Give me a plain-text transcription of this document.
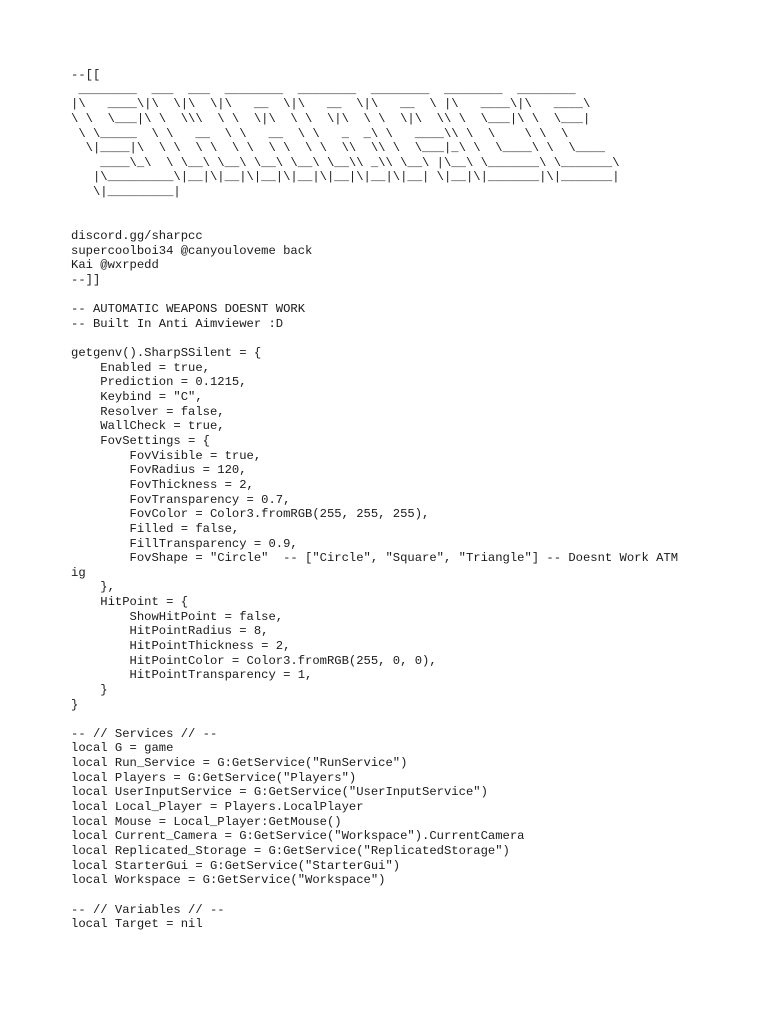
--[[
________  ___  ___  ________  ________  ________  ________  ________
|\   ____\|\  \|\  \|\   __  \|\   __  \|\   __  \ |\   ____\|\   ____\
\ \  \___|\ \  \\\  \ \  \|\  \ \  \|\  \ \  \|\  \\ \  \___|\ \  \___|
\ \_____  \ \   __  \ \   __  \ \   _  _\ \   ____\\ \  \    \ \  \
\|____|\  \ \  \ \  \ \  \ \  \ \  \\  \\ \  \___|_\ \  \____\ \  \____
____\_\  \ \__\ \__\ \__\ \__\ \__\\ _\\ \__\ |\__\ \_______\ \_______\
|\_________\|__|\|__|\|__|\|__|\|__|\|__|\|__| \|__|\|_______|\|_______|
\|_________|
discord.gg/sharpcc
supercoolboi34 @canyouloveme back
Kai @wxrpedd
--]]
-- AUTOMATIC WEAPONS DOESNT WORK
-- Built In Anti Aimviewer :D
getgenv().SharpSSilent = {
Enabled = true,
Prediction = 0.1215,
Keybind = "C",
Resolver = false,
WallCheck = true,
FovSettings = {
FovVisible = true,
FovRadius = 120,
FovThickness = 2,
FovTransparency = 0.7,
FovColor = Color3.fromRGB(255, 255, 255),
Filled = false,
FillTransparency = 0.9,
FovShape = "Circle"  -- ["Circle", "Square", "Triangle"] -- Doesnt Work ATM
ig
},
HitPoint = {
ShowHitPoint = false,
HitPointRadius = 8,
HitPointThickness = 2,
HitPointColor = Color3.fromRGB(255, 0, 0),
HitPointTransparency = 1,
}
}
-- // Services // --
local G = game
local Run_Service = G:GetService("RunService")
local Players = G:GetService("Players")
local UserInputService = G:GetService("UserInputService")
local Local_Player = Players.LocalPlayer
local Mouse = Local_Player:GetMouse()
local Current_Camera = G:GetService("Workspace").CurrentCamera
local Replicated_Storage = G:GetService("ReplicatedStorage")
local StarterGui = G:GetService("StarterGui")
local Workspace = G:GetService("Workspace")
-- // Variables // --
local Target = nil
